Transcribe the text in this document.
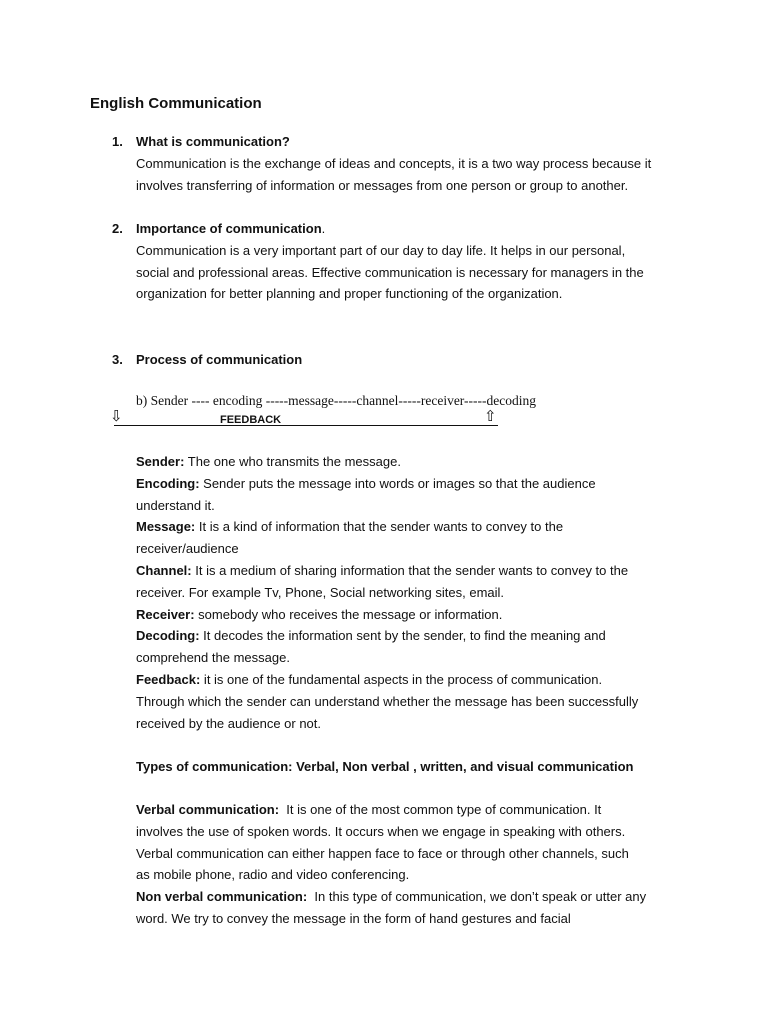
English Communication
1. What is communication?
Communication is the exchange of ideas and concepts, it is a two way process because it
involves transferring of information or messages from one person or group to another.
2. Importance of communication.
Communication is a very important part of our day to day life. It helps in our personal,
social and professional areas. Effective communication is necessary for managers in the
organization for better planning and proper functioning of the organization.
3. Process of communication
b) Sender ---- encoding -----message-----channel-----receiver-----decoding
⇩	FEEDBACK	⇧
Sender: The one who transmits the message.
Encoding: Sender puts the message into words or images so that the audience
understand it.
Message: It is a kind of information that the sender wants to convey to the
receiver/audience
Channel: It is a medium of sharing information that the sender wants to convey to the
receiver. For example Tv, Phone, Social networking sites, email.
Receiver: somebody who receives the message or information.
Decoding: It decodes the information sent by the sender, to find the meaning and
comprehend the message.
Feedback: it is one of the fundamental aspects in the process of communication.
Through which the sender can understand whether the message has been successfully
received by the audience or not.
Types of communication: Verbal, Non verbal , written, and visual communication
Verbal communication:  It is one of the most common type of communication. It
involves the use of spoken words. It occurs when we engage in speaking with others.
Verbal communication can either happen face to face or through other channels, such
as mobile phone, radio and video conferencing.
Non verbal communication:  In this type of communication, we don’t speak or utter any
word. We try to convey the message in the form of hand gestures and facial
